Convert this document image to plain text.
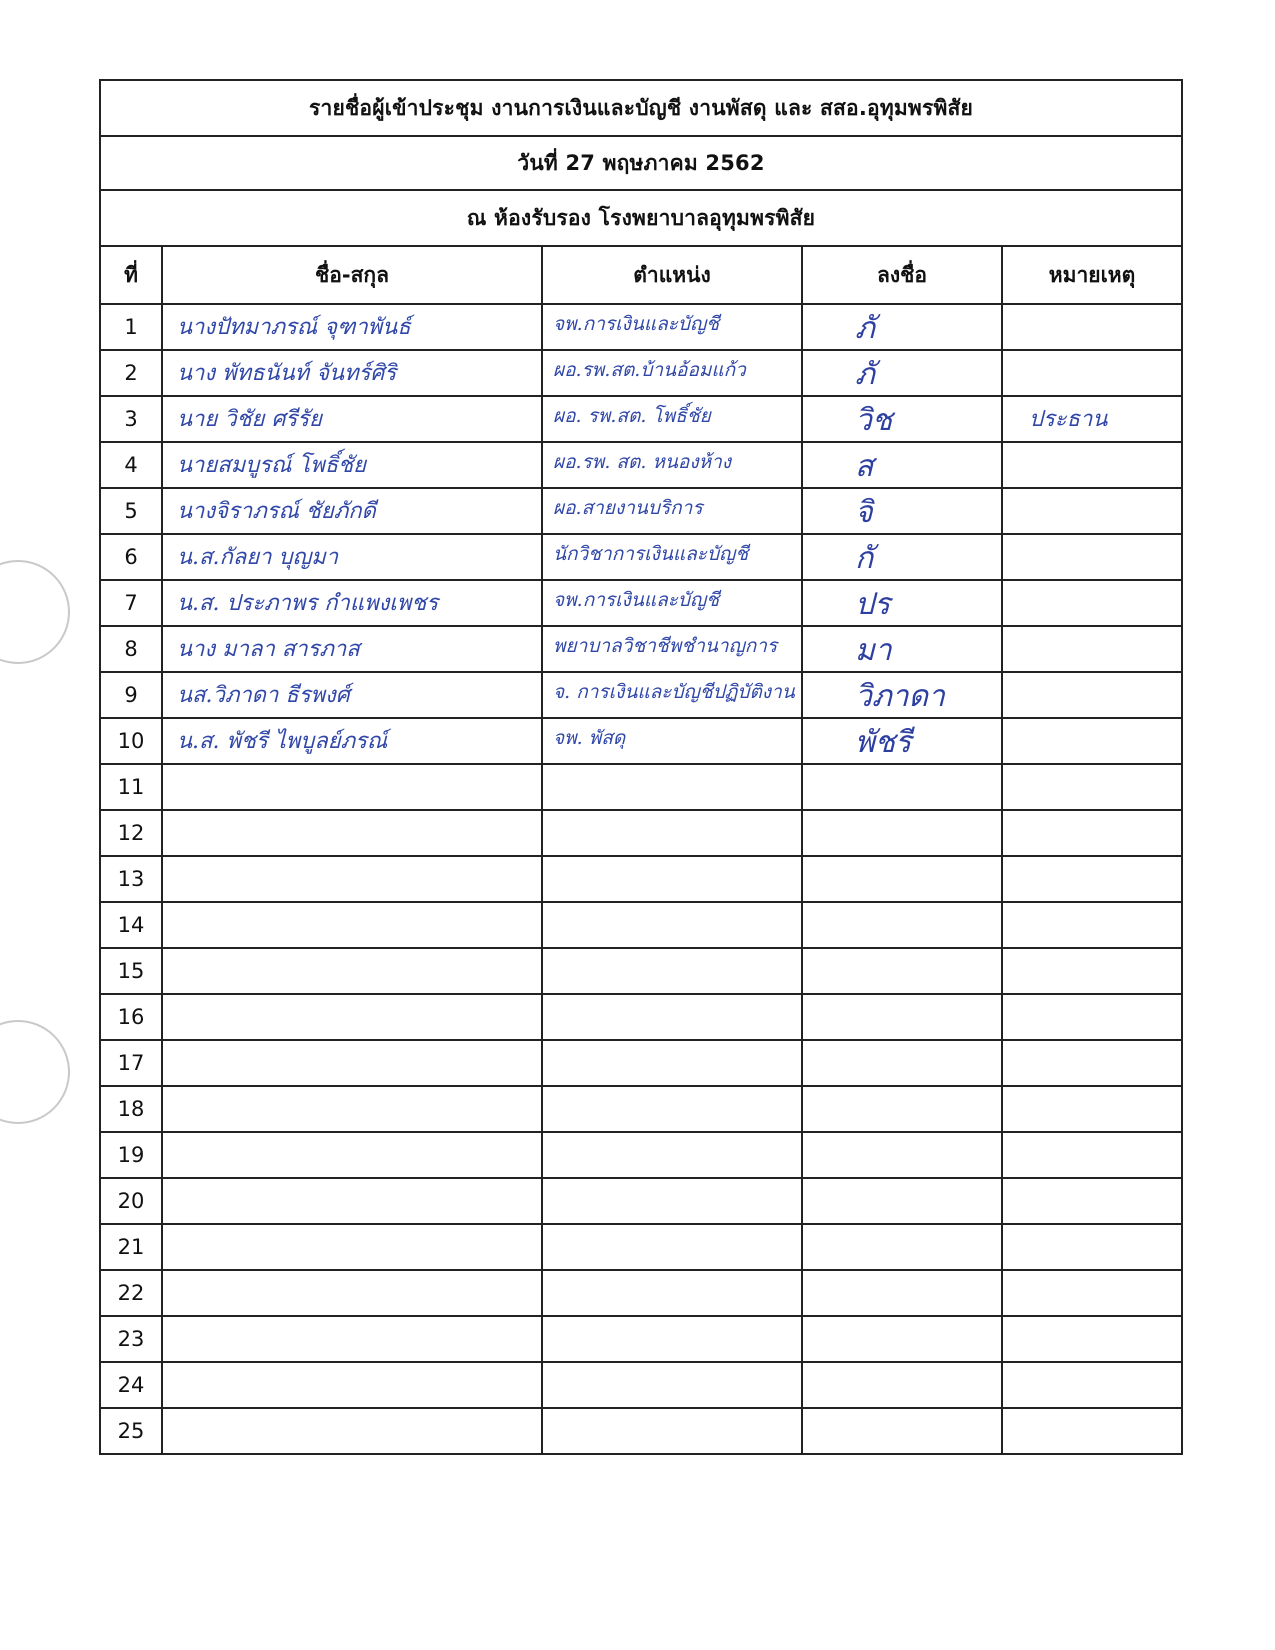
รายชื่อผู้เข้าประชุม งานการเงินและบัญชี งานพัสดุ และ สสอ.อุทุมพรพิสัย				
วันที่ 27 พฤษภาคม 2562				
ณ ห้องรับรอง โรงพยาบาลอุทุมพรพิสัย				
ที่	ชื่อ-สกุล	ตำแหน่ง	ลงชื่อ	หมายเหตุ
1	นางปัทมาภรณ์ จุฑาพันธ์	จพ.การเงินและบัญชี	ภั	

2	นาง พัทธนันท์ จันทร์ศิริ	ผอ.รพ.สต.บ้านอ้อมแก้ว	ภั	

3	นาย วิชัย ศรีรัย	ผอ. รพ.สต. โพธิ์ชัย	วิช	ประธาน

4	นายสมบูรณ์ โพธิ์ชัย	ผอ.รพ. สต. หนองห้าง	ส	

5	นางจิราภรณ์ ชัยภักดี	ผอ.สายงานบริการ	จิ	

6	น.ส.กัลยา บุญมา	นักวิชาการเงินและบัญชี	กั	

7	น.ส. ประภาพร กำแพงเพชร	จพ.การเงินและบัญชี	ปร	

8	นาง มาลา สารภาส	พยาบาลวิชาชีพชำนาญการ	มา	

9	นส.วิภาดา ธีรพงศ์	จ. การเงินและบัญชีปฏิบัติงาน	วิภาดา	

10	น.ส. พัชรี ไพบูลย์ภรณ์	จพ. พัสดุ	พัชรี	

11	

12	

13	

14	

15	

16	

17	

18	

19	

20	

21	

22	

23	

24	

25	
